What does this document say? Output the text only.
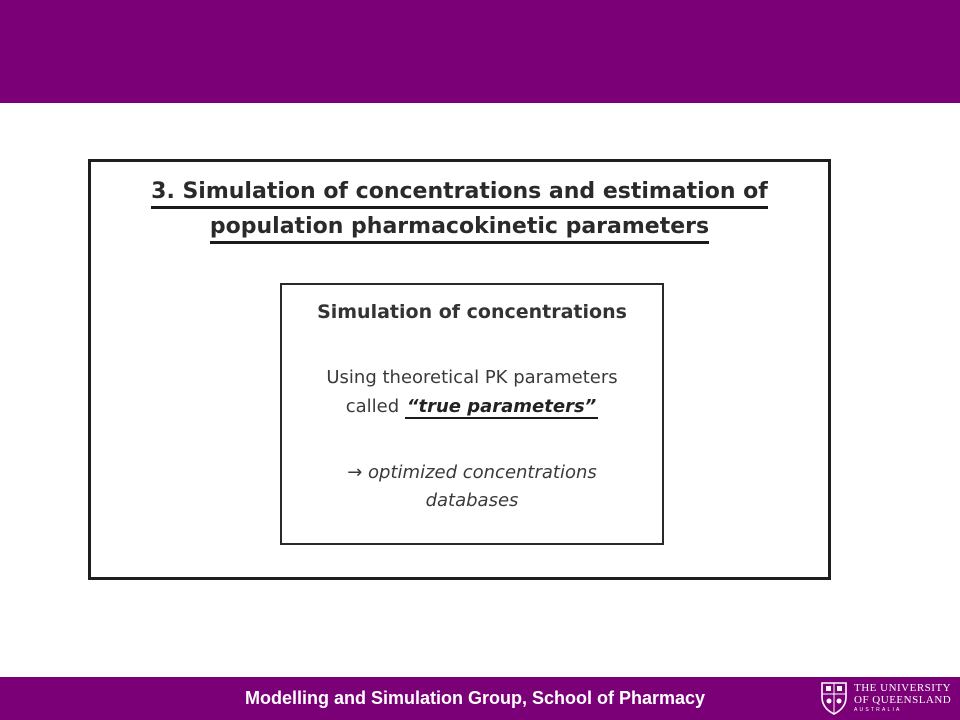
3. Simulation of concentrations and estimation of
population pharmacokinetic parameters
Simulation of concentrations
Using theoretical PK parameters
called “true parameters”
→ optimized concentrations
databases
Modelling and Simulation Group, School of Pharmacy	THE UNIVERSITY
OF QUEENSLAND
AUSTRALIA
